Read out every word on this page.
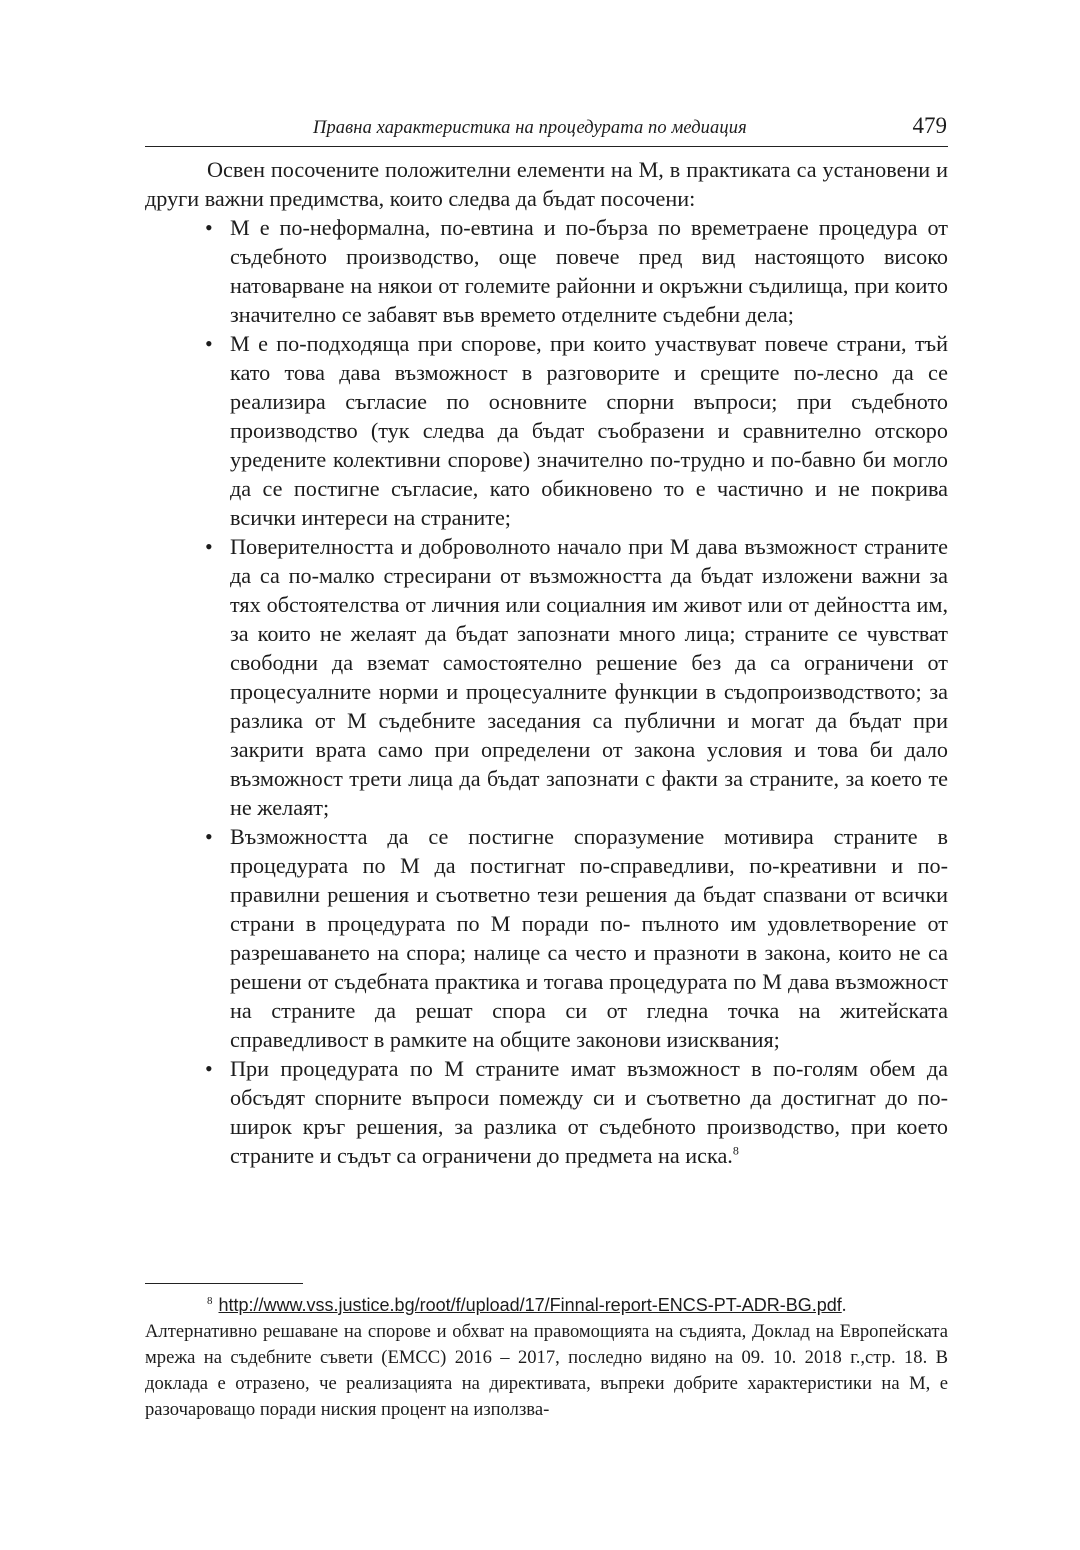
Правна характеристика на процедурата по медиация	479

Освен посочените положителни елементи на М, в практиката са установени и други важни предимства, които следва да бъдат посочени:

• М е по-неформална, по-евтина и по-бърза по времетраене процедура от съдебното производство, още повече пред вид настоящото високо натоварване на някои от големите районни и окръжни съдилища, при които значително се забавят във времето отделните съдебни дела;
• М е по-подходяща при спорове, при които участвуват повече страни, тъй като това дава възможност в разговорите и срещите по-лесно да се реализира съгласие по основните спорни въпроси; при съдебното производство (тук следва да бъдат съобразени и сравнително отскоро уредените колективни спорове) значително по-трудно и по-бавно би могло да се постигне съгласие, като обикновено то е частично и не покрива всички интереси на страните;
• Поверителността и доброволното начало при М дава възможност страните да са по-малко стресирани от възможността да бъдат изложени важни за тях обстоятелства от личния или социалния им живот или от дейността им, за които не желаят да бъдат запознати много лица; страните се чувстват свободни да вземат самостоятелно решение без да са ограничени от процесуалните норми и процесуалните функции в съдопроизводството; за разлика от М съдебните заседания са публични и могат да бъдат при закрити врата само при определени от закона условия и това би дало възможност трети лица да бъдат запознати с факти за страните, за което те не желаят;
• Възможността да се постигне споразумение мотивира страните в процедурата по М да постигнат по-справедливи, по-креативни и по-правилни решения и съответно тези решения да бъдат спазвани от всички страни в процедурата по М поради по- пълното им удовлетворение от разрешаването на спора; налице са често и празноти в закона, които не са решени от съдебната практика и тогава процедурата по М дава възможност на страните да решат спора си от гледна точка на житейската справедливост в рамките на общите законови изисквания;
• При процедурата по М страните имат възможност в по-голям обем да обсъдят спорните въпроси помежду си и съответно да достигнат до по- широк кръг решения, за разлика от съдебното производство, при което страните и съдът са ограничени до предмета на иска.$^8$

$^8$ http://www.vss.justice.bg/root/f/upload/17/Finnal-report-ENCS-PT-ADR-BG.pdf. Алтернативно решаване на спорове и обхват на правомощията на съдията, Доклад на Европейската мрежа на съдебните съвети (ЕМСС) 2016 – 2017, последно видяно на 09. 10. 2018 г.,стр. 18. В доклада е отразено, че реализацията на директивата, въпреки добрите характеристики на М, е разочароващо поради ниския процент на използва-
